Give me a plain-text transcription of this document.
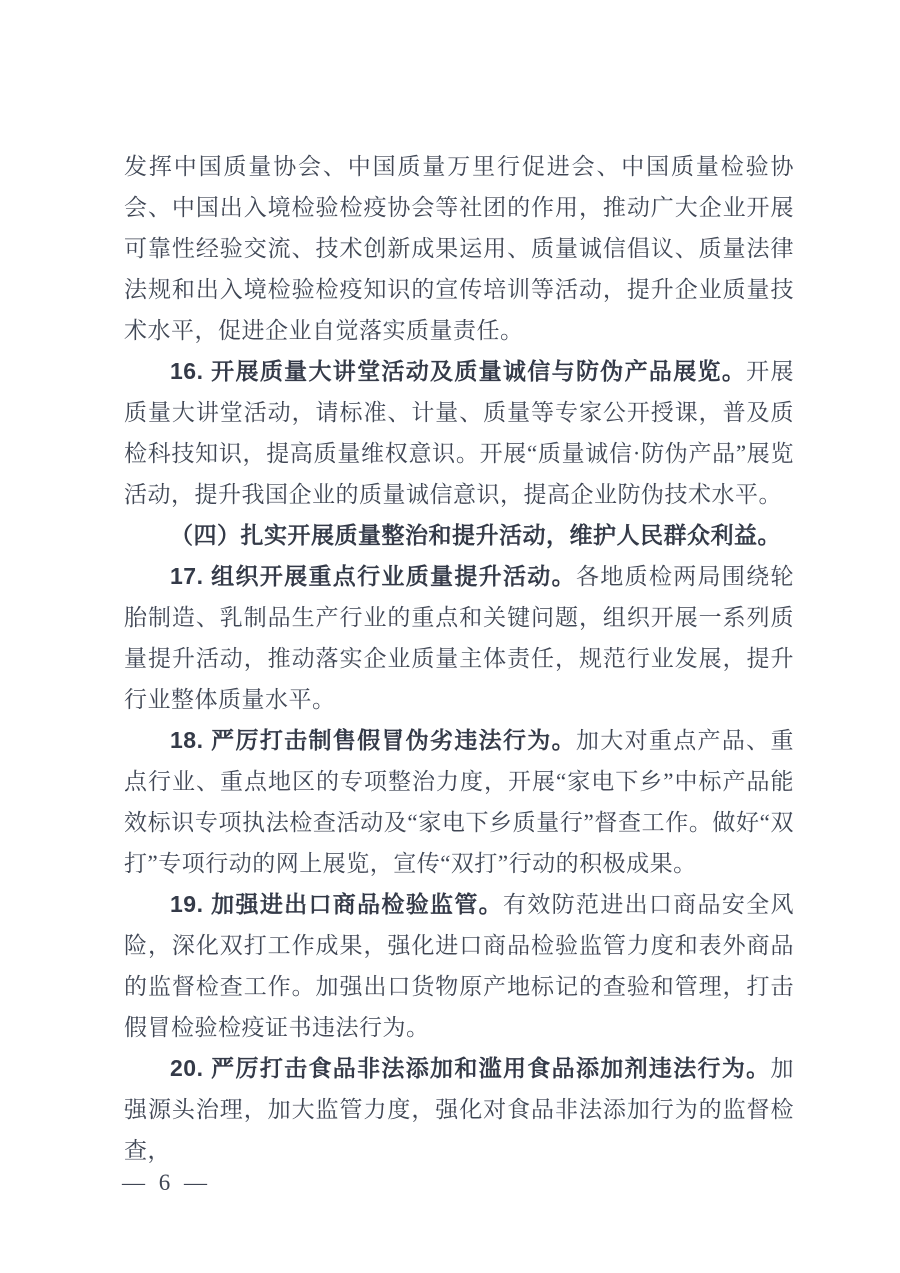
发挥中国质量协会、中国质量万里行促进会、中国质量检验协会、中国出入境检验检疫协会等社团的作用，推动广大企业开展可靠性经验交流、技术创新成果运用、质量诚信倡议、质量法律法规和出入境检验检疫知识的宣传培训等活动，提升企业质量技术水平，促进企业自觉落实质量责任。

16. 开展质量大讲堂活动及质量诚信与防伪产品展览。开展质量大讲堂活动，请标准、计量、质量等专家公开授课，普及质检科技知识，提高质量维权意识。开展“质量诚信·防伪产品”展览活动，提升我国企业的质量诚信意识，提高企业防伪技术水平。

（四）扎实开展质量整治和提升活动，维护人民群众利益。

17. 组织开展重点行业质量提升活动。各地质检两局围绕轮胎制造、乳制品生产行业的重点和关键问题，组织开展一系列质量提升活动，推动落实企业质量主体责任，规范行业发展，提升行业整体质量水平。

18. 严厉打击制售假冒伪劣违法行为。加大对重点产品、重点行业、重点地区的专项整治力度，开展“家电下乡”中标产品能效标识专项执法检查活动及“家电下乡质量行”督查工作。做好“双打”专项行动的网上展览，宣传“双打”行动的积极成果。

19. 加强进出口商品检验监管。有效防范进出口商品安全风险，深化双打工作成果，强化进口商品检验监管力度和表外商品的监督检查工作。加强出口货物原产地标记的查验和管理，打击假冒检验检疫证书违法行为。

20. 严厉打击食品非法添加和滥用食品添加剂违法行为。加强源头治理，加大监管力度，强化对食品非法添加行为的监督检查，

— 6 —
